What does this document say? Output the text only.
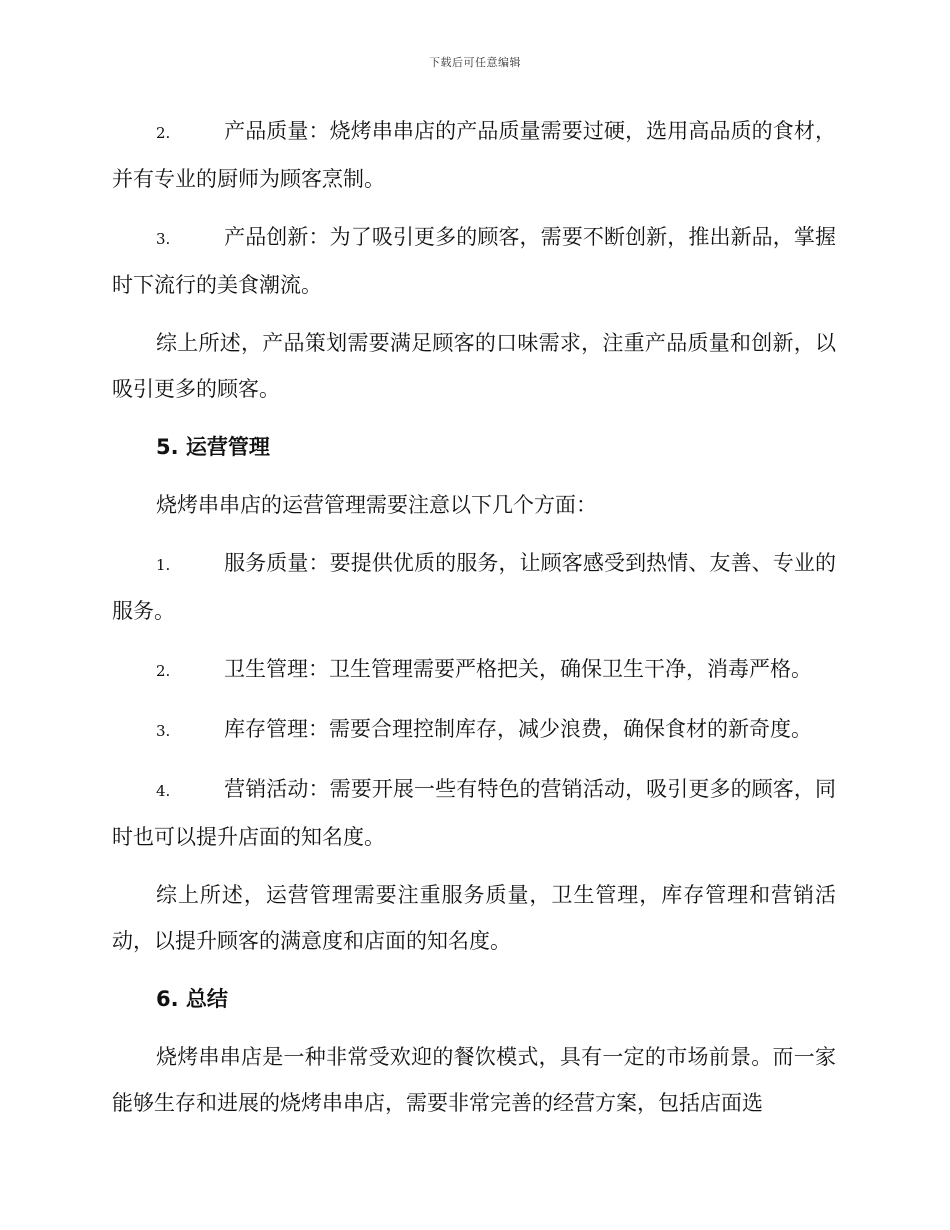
下载后可任意编辑

2.	产品质量：烧烤串串店的产品质量需要过硬，选用高品质的食材，并有专业的厨师为顾客烹制。

3.	产品创新：为了吸引更多的顾客，需要不断创新，推出新品，掌握时下流行的美食潮流。

综上所述，产品策划需要满足顾客的口味需求，注重产品质量和创新，以吸引更多的顾客。

5. 运营管理

烧烤串串店的运营管理需要注意以下几个方面：

1.	服务质量：要提供优质的服务，让顾客感受到热情、友善、专业的服务。

2.	卫生管理：卫生管理需要严格把关，确保卫生干净，消毒严格。

3.	库存管理：需要合理控制库存，减少浪费，确保食材的新奇度。

4.	营销活动：需要开展一些有特色的营销活动，吸引更多的顾客，同时也可以提升店面的知名度。

综上所述，运营管理需要注重服务质量，卫生管理，库存管理和营销活动，以提升顾客的满意度和店面的知名度。

6. 总结

烧烤串串店是一种非常受欢迎的餐饮模式，具有一定的市场前景。而一家能够生存和进展的烧烤串串店，需要非常完善的经营方案，包括店面选
